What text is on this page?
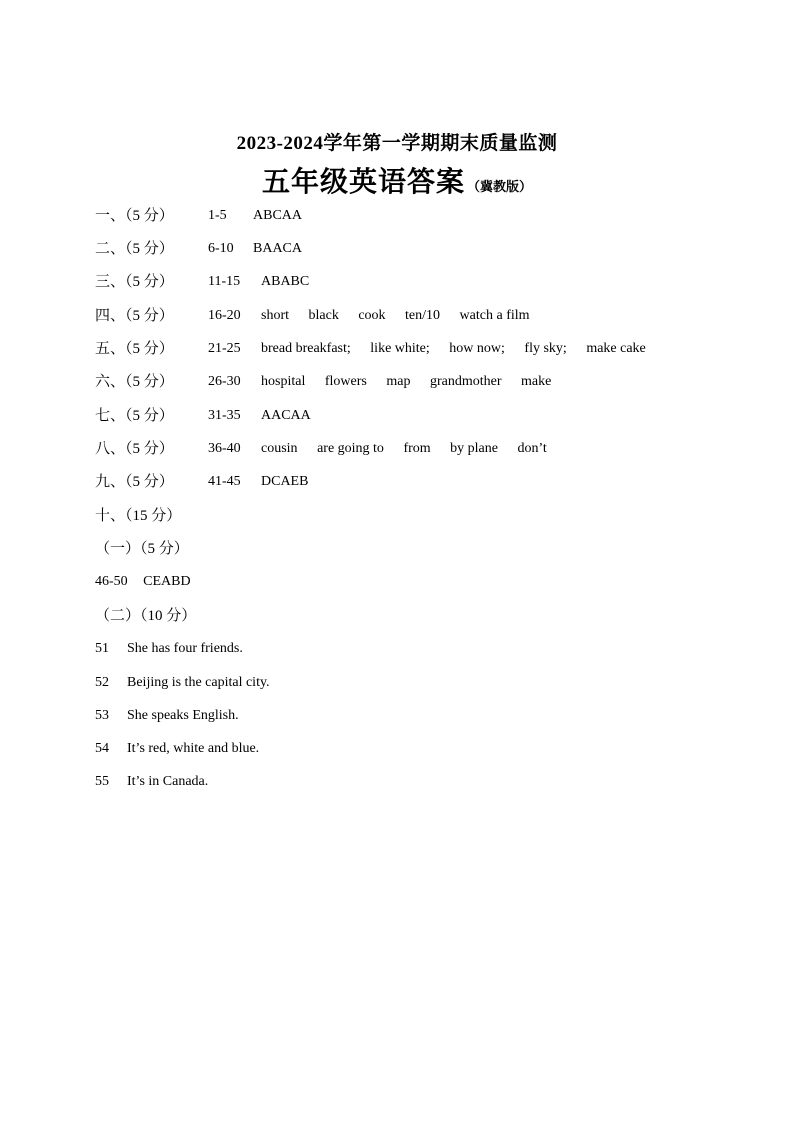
2023-2024学年第一学期期末质量监测
五年级英语答案 （冀教版）
一、（5 分） 1-5 ABCAA
二、（5 分） 6-10 BAACA
三、（5 分） 11-15 ABABC
四、（5 分） 16-20 short black cook ten/10 watch a film
五、（5 分） 21-25 bread breakfast; like white; how now; fly sky; make cake
六、（5 分） 26-30 hospital flowers map grandmother make
七、（5 分） 31-35 AACAA
八、（5 分） 36-40 cousin are going to from by plane don’t
九、（5 分） 41-45 DCAEB
十、（15 分）
（一）（5 分）
46-50 CEABD
（二）（10 分）
51 She has four friends.
52 Beijing is the capital city.
53 She speaks English.
54 It’s red, white and blue.
55 It’s in Canada.
